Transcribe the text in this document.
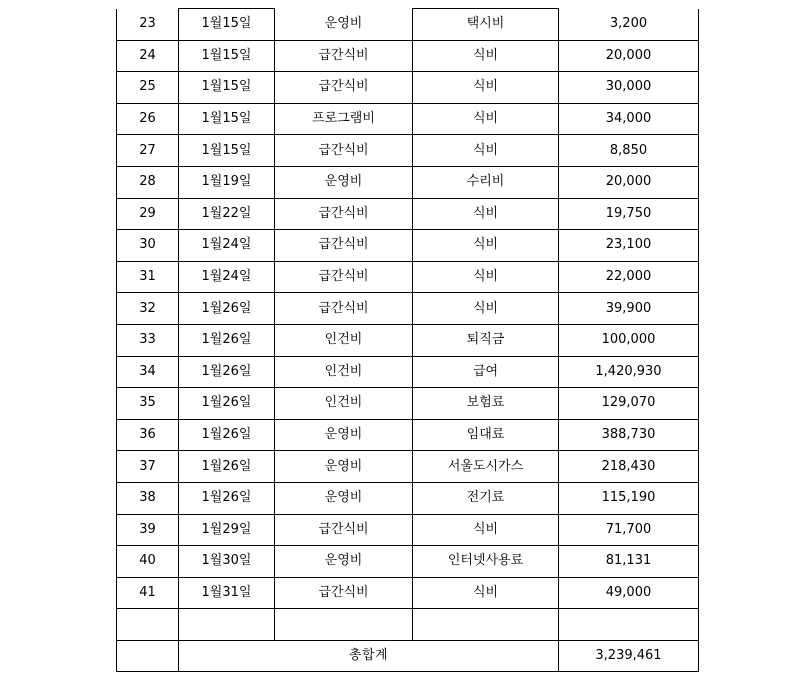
23	1월15일	운영비	택시비	3,200
24	1월15일	급간식비	식비	20,000
25	1월15일	급간식비	식비	30,000
26	1월15일	프로그램비	식비	34,000
27	1월15일	급간식비	식비	8,850
28	1월19일	운영비	수리비	20,000
29	1월22일	급간식비	식비	19,750
30	1월24일	급간식비	식비	23,100
31	1월24일	급간식비	식비	22,000
32	1월26일	급간식비	식비	39,900
33	1월26일	인건비	퇴직금	100,000
34	1월26일	인건비	급여	1,420,930
35	1월26일	인건비	보험료	129,070
36	1월26일	운영비	임대료	388,730
37	1월26일	운영비	서울도시가스	218,430
38	1월26일	운영비	전기료	115,190
39	1월29일	급간식비	식비	71,700
40	1월30일	운영비	인터넷사용료	81,131
41	1월31일	급간식비	식비	49,000

	총합계			3,239,461
